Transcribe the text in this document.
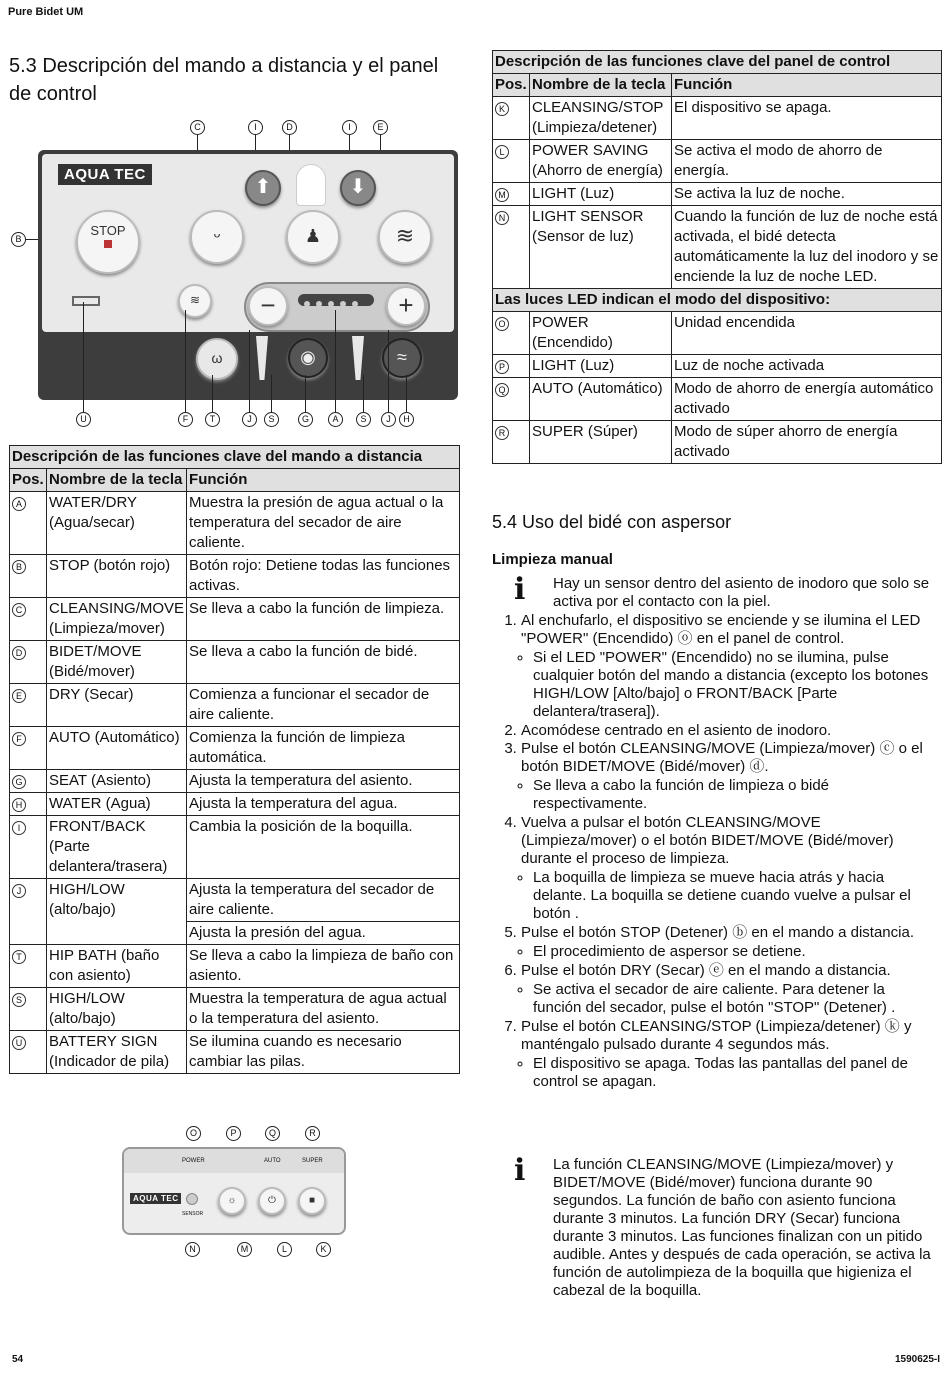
Pure Bidet UM
5.3 Descripción del mando a distancia y el panel de control
C	I	D	I	E
B
AQUA TEC
⬆	⬇
STOP	ᵕ	♟	≋
≋	−	+
ω	◉	≈
U	F	T	J	S	G	A	S	J	H
Descripción de las funciones clave del mando a distancia		
Pos.	Nombre de la tecla	Función
A	WATER/DRY (Agua/secar)	Muestra la presión de agua actual o la temperatura del secador de aire caliente.
B	STOP (botón rojo)	Botón rojo: Detiene todas las funciones activas.
C	CLEANSING/MOVE (Limpieza/mover)	Se lleva a cabo la función de limpieza.
D	BIDET/MOVE (Bidé/mover)	Se lleva a cabo la función de bidé.
E	DRY (Secar)	Comienza a funcionar el secador de aire caliente.
F	AUTO (Automático)	Comienza la función de limpieza automática.
G	SEAT (Asiento)	Ajusta la temperatura del asiento.
H	WATER (Agua)	Ajusta la temperatura del agua.
I	FRONT/BACK (Parte delantera/trasera)	Cambia la posición de la boquilla.
J	HIGH/LOW (alto/bajo)	Ajusta la temperatura del secador de aire caliente.
		Ajusta la presión del agua.
T	HIP BATH (baño con asiento)	Se lleva a cabo la limpieza de baño con asiento.
S	HIGH/LOW (alto/bajo)	Muestra la temperatura de agua actual o la temperatura del asiento.
U	BATTERY SIGN (Indicador de pila)	Se ilumina cuando es necesario cambiar las pilas.
O	P	Q	R
POWER	AUTO	SUPER
AQUA TEC
SENSOR
☼	⏻	■
N	M	L	K
Descripción de las funciones clave del panel de control		
Pos.	Nombre de la tecla	Función
K	CLEANSING/STOP (Limpieza/detener)	El dispositivo se apaga.
L	POWER SAVING (Ahorro de energía)	Se activa el modo de ahorro de energía.
M	LIGHT (Luz)	Se activa la luz de noche.
N	LIGHT SENSOR (Sensor de luz)	Cuando la función de luz de noche está activada, el bidé detecta automáticamente la luz del inodoro y se enciende la luz de noche LED.
Las luces LED indican el modo del dispositivo:		
O	POWER (Encendido)	Unidad encendida
P	LIGHT (Luz)	Luz de noche activada
Q	AUTO (Automático)	Modo de ahorro de energía automático activado
R	SUPER (Súper)	Modo de súper ahorro de energía activado
5.4 Uso del bidé con aspersor
Limpieza manual
ℹ Hay un sensor dentro del asiento de inodoro que solo se activa por el contacto con la piel.
1. Al enchufarlo, el dispositivo se enciende y se ilumina el LED "POWER" (Encendido) ⓞ en el panel de control.
◦ Si el LED "POWER" (Encendido) no se ilumina, pulse cualquier botón del mando a distancia (excepto los botones HIGH/LOW [Alto/bajo] o FRONT/BACK [Parte delantera/trasera]).
2. Acomódese centrado en el asiento de inodoro.
3. Pulse el botón CLEANSING/MOVE (Limpieza/mover) ⓒ o el botón BIDET/MOVE (Bidé/mover) ⓓ.
◦ Se lleva a cabo la función de limpieza o bidé respectivamente.
4. Vuelva a pulsar el botón CLEANSING/MOVE (Limpieza/mover) o el botón BIDET/MOVE (Bidé/mover) durante el proceso de limpieza.
◦ La boquilla de limpieza se mueve hacia atrás y hacia delante. La boquilla se detiene cuando vuelve a pulsar el botón .
5. Pulse el botón STOP (Detener) ⓑ en el mando a distancia.
◦ El procedimiento de aspersor se detiene.
6. Pulse el botón DRY (Secar) ⓔ en el mando a distancia.
◦ Se activa el secador de aire caliente. Para detener la función del secador, pulse el botón "STOP" (Detener) .
7. Pulse el botón CLEANSING/STOP (Limpieza/detener) ⓚ y manténgalo pulsado durante 4 segundos más.
◦ El dispositivo se apaga. Todas las pantallas del panel de control se apagan.
ℹ La función CLEANSING/MOVE (Limpieza/mover) y BIDET/MOVE (Bidé/mover) funciona durante 90 segundos. La función de baño con asiento funciona durante 3 minutos. La función DRY (Secar) funciona durante 3 minutos. Las funciones finalizan con un pitido audible. Antes y después de cada operación, se activa la función de autolimpieza de la boquilla que higieniza el cabezal de la boquilla.
54	1590625-I
